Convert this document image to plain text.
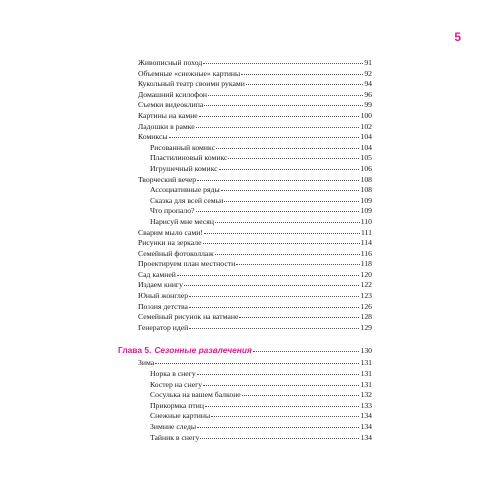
5
Живописный поход	91
Объемные «снежные» картины	92
Кукольный театр своими руками	94
Домашний ксилофон	96
Съемки видеоклипа	99
Картины на камне	100
Ладошки в рамке	102
Комиксы	104
Рисованный комикс	104
Пластилиновый комикс	105
Игрушечный комикс	106
Творческий вечер	108
Ассоциативные ряды	108
Сказка для всей семьи	109
Что пропало?	109
Нарисуй мне месяц	110
Сварим мыло сами!	111
Рисунки на зеркале	114
Семейный фотоколлаж	116
Проектируем план местности	118
Сад камней	120
Издаем книгу	122
Юный жонглер	123
Поэзия детства	126
Семейный рисунок на ватмане	128
Генератор идей	129
Глава 5. Сезонные развлечения	130
Зима	131
Норка в снегу	131
Костер на снегу	131
Сосулька на вашем балконе	132
Прикормка птиц	133
Снежные картины	134
Зимние следы	134
Тайник в снегу	134
